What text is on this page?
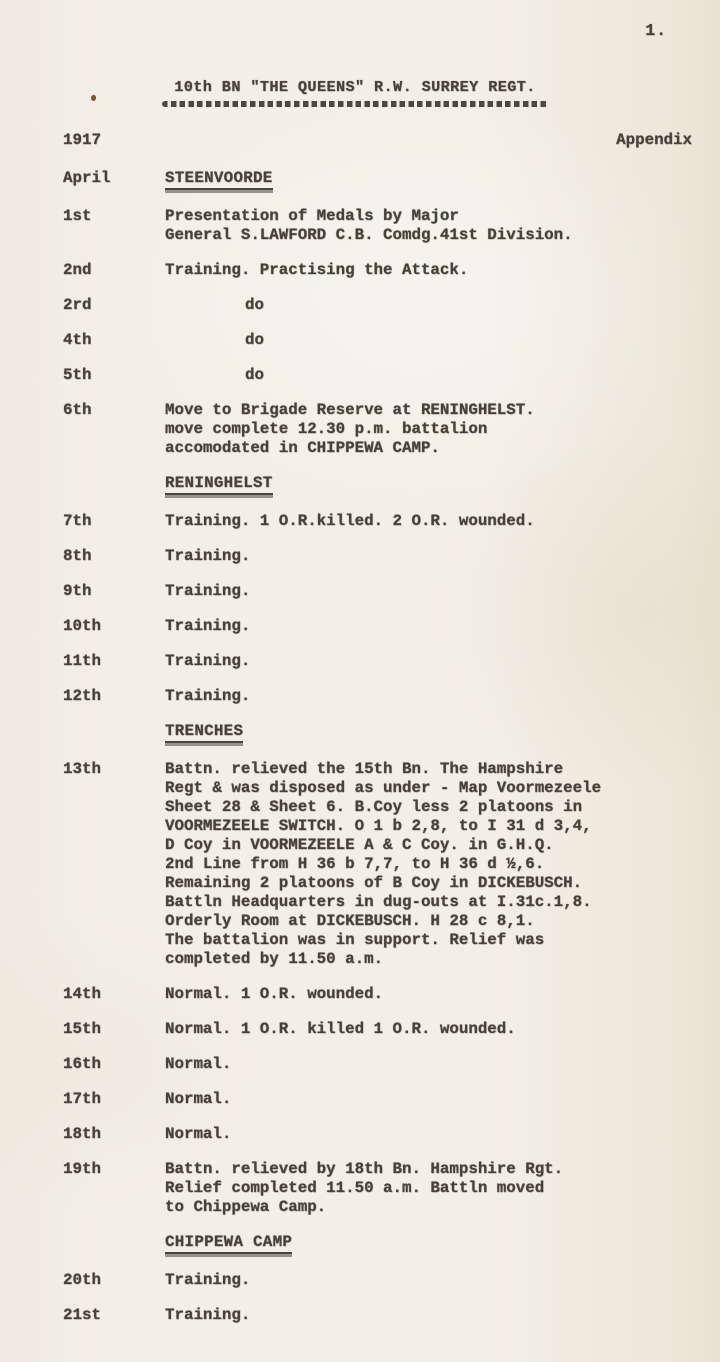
1.
10th BN "THE QUEENS" R.W. SURREY REGT.
1917	Appendix
April	STEENVOORDE
1st	Presentation of Medals by Major
General S.LAWFORD C.B. Comdg.41st Division.
2nd	Training. Practising the Attack.
2rd	do
4th	do
5th	do
6th	Move to Brigade Reserve at RENINGHELST.
move complete 12.30 p.m. battalion
accomodated in CHIPPEWA CAMP.
RENINGHELST
7th	Training. 1 O.R.killed. 2 O.R. wounded.
8th	Training.
9th	Training.
10th	Training.
11th	Training.
12th	Training.
TRENCHES
13th	Battn. relieved the 15th Bn. The Hampshire
Regt & was disposed as under - Map Voormezeele
Sheet 28 & Sheet 6. B.Coy less 2 platoons in
VOORMEZEELE SWITCH. O 1 b 2,8, to I 31 d 3,4,
D Coy in VOORMEZEELE A & C Coy. in G.H.Q.
2nd Line from H 36 b 7,7, to H 36 d ½,6.
Remaining 2 platoons of B Coy in DICKEBUSCH.
Battln Headquarters in dug-outs at I.31c.1,8.
Orderly Room at DICKEBUSCH. H 28 c 8,1.
The battalion was in support. Relief was
completed by 11.50 a.m.
14th	Normal. 1 O.R. wounded.
15th	Normal. 1 O.R. killed 1 O.R. wounded.
16th	Normal.
17th	Normal.
18th	Normal.
19th	Battn. relieved by 18th Bn. Hampshire Rgt.
Relief completed 11.50 a.m. Battln moved
to Chippewa Camp.
CHIPPEWA CAMP
20th	Training.
21st	Training.
